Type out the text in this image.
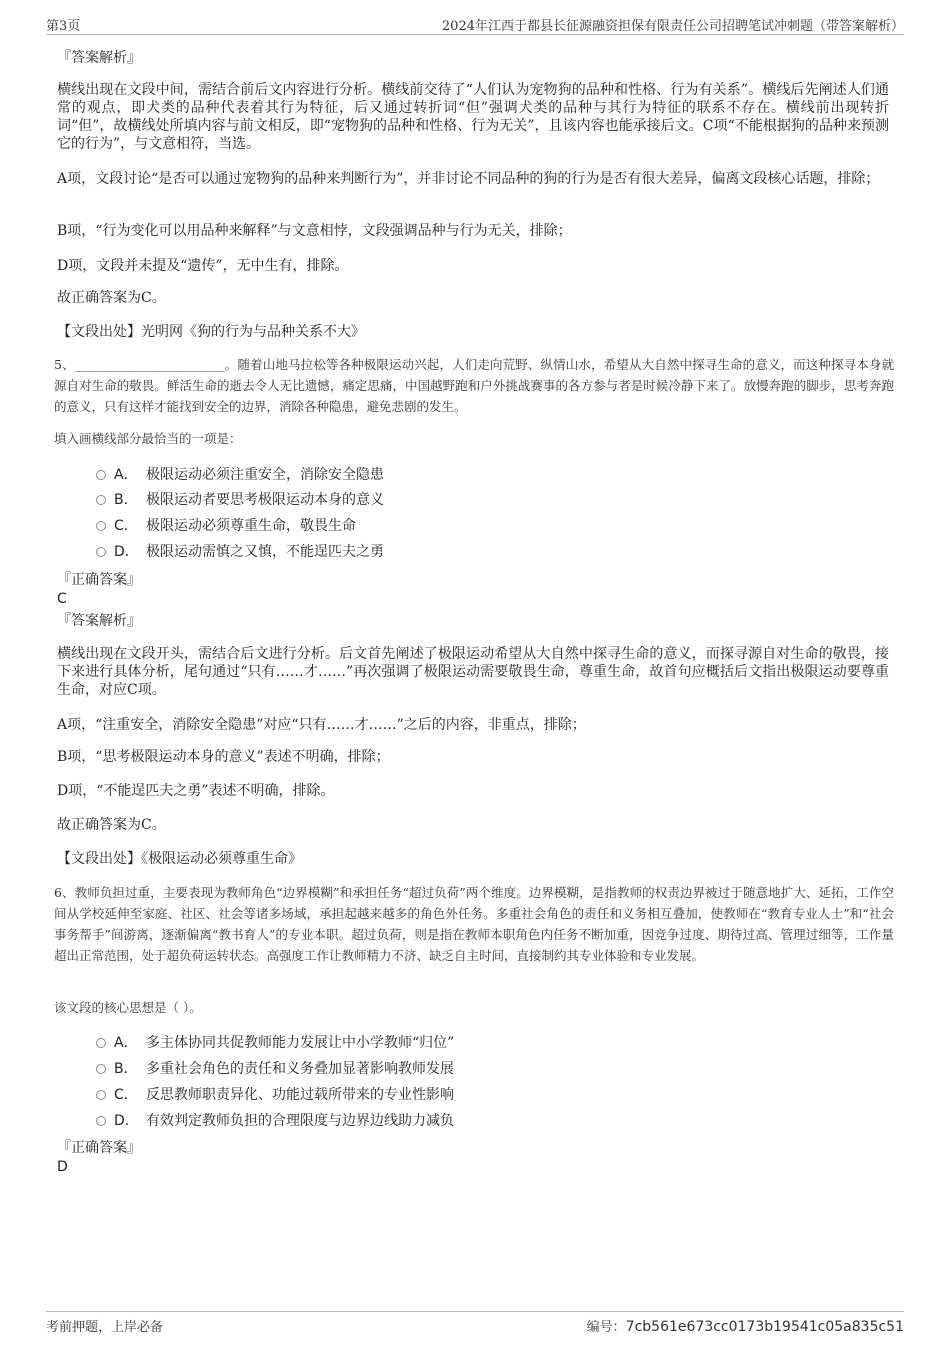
第3页	2024年江西于都县长征源融资担保有限责任公司招聘笔试冲刺题（带答案解析）
『答案解析』
横线出现在文段中间，需结合前后文内容进行分析。横线前交待了“人们认为宠物狗的品种和性格、行为有关系”。横线后先阐述人们通常的观点，即犬类的品种代表着其行为特征，后又通过转折词“但”强调犬类的品种与其行为特征的联系不存在。横线前出现转折词“但”，故横线处所填内容与前文相反，即“宠物狗的品种和性格、行为无关”，且该内容也能承接后文。C项“不能根据狗的品种来预测它的行为”，与文意相符，当选。
A项，文段讨论“是否可以通过宠物狗的品种来判断行为”，并非讨论不同品种的狗的行为是否有很大差异，偏离文段核心话题，排除；
B项，“行为变化可以用品种来解释”与文意相悖，文段强调品种与行为无关，排除；
D项，文段并未提及“遗传”，无中生有，排除。
故正确答案为C。
【文段出处】光明网《狗的行为与品种关系不大》
5、________________________。随着山地马拉松等各种极限运动兴起，人们走向荒野、纵情山水，希望从大自然中探寻生命的意义，而这种探寻本身就源自对生命的敬畏。鲜活生命的逝去令人无比遗憾，痛定思痛，中国越野跑和户外挑战赛事的各方参与者是时候冷静下来了。放慢奔跑的脚步，思考奔跑的意义，只有这样才能找到安全的边界，消除各种隐患，避免悲剧的发生。
填入画横线部分最恰当的一项是：
A． 极限运动必须注重安全，消除安全隐患
B． 极限运动者要思考极限运动本身的意义
C． 极限运动必须尊重生命，敬畏生命
D． 极限运动需慎之又慎，不能逞匹夫之勇
『正确答案』
C
『答案解析』
横线出现在文段开头，需结合后文进行分析。后文首先阐述了极限运动希望从大自然中探寻生命的意义，而探寻源自对生命的敬畏，接下来进行具体分析，尾句通过“只有……才……”再次强调了极限运动需要敬畏生命，尊重生命，故首句应概括后文指出极限运动要尊重生命，对应C项。
A项，“注重安全，消除安全隐患”对应“只有……才……”之后的内容，非重点，排除；
B项，“思考极限运动本身的意义”表述不明确，排除；
D项，“不能逞匹夫之勇”表述不明确，排除。
故正确答案为C。
【文段出处】《极限运动必须尊重生命》
6、教师负担过重，主要表现为教师角色“边界模糊”和承担任务“超过负荷”两个维度。边界模糊，是指教师的权责边界被过于随意地扩大、延拓，工作空间从学校延伸至家庭、社区、社会等诸多场域，承担起越来越多的角色外任务。多重社会角色的责任和义务相互叠加，使教师在“教育专业人士”和“社会事务帮手”间游离，逐渐偏离“教书育人”的专业本职。超过负荷，则是指在教师本职角色内任务不断加重，因竞争过度、期待过高、管理过细等，工作量超出正常范围，处于超负荷运转状态。高强度工作让教师精力不济、缺乏自主时间，直接制约其专业体验和专业发展。
该文段的核心思想是（ ）。
A． 多主体协同共促教师能力发展让中小学教师“归位”
B． 多重社会角色的责任和义务叠加显著影响教师发展
C． 反思教师职责异化、功能过载所带来的专业性影响
D． 有效判定教师负担的合理限度与边界边线助力减负
『正确答案』
D
考前押题，上岸必备	编号：7cb561e673cc0173b19541c05a835c51
